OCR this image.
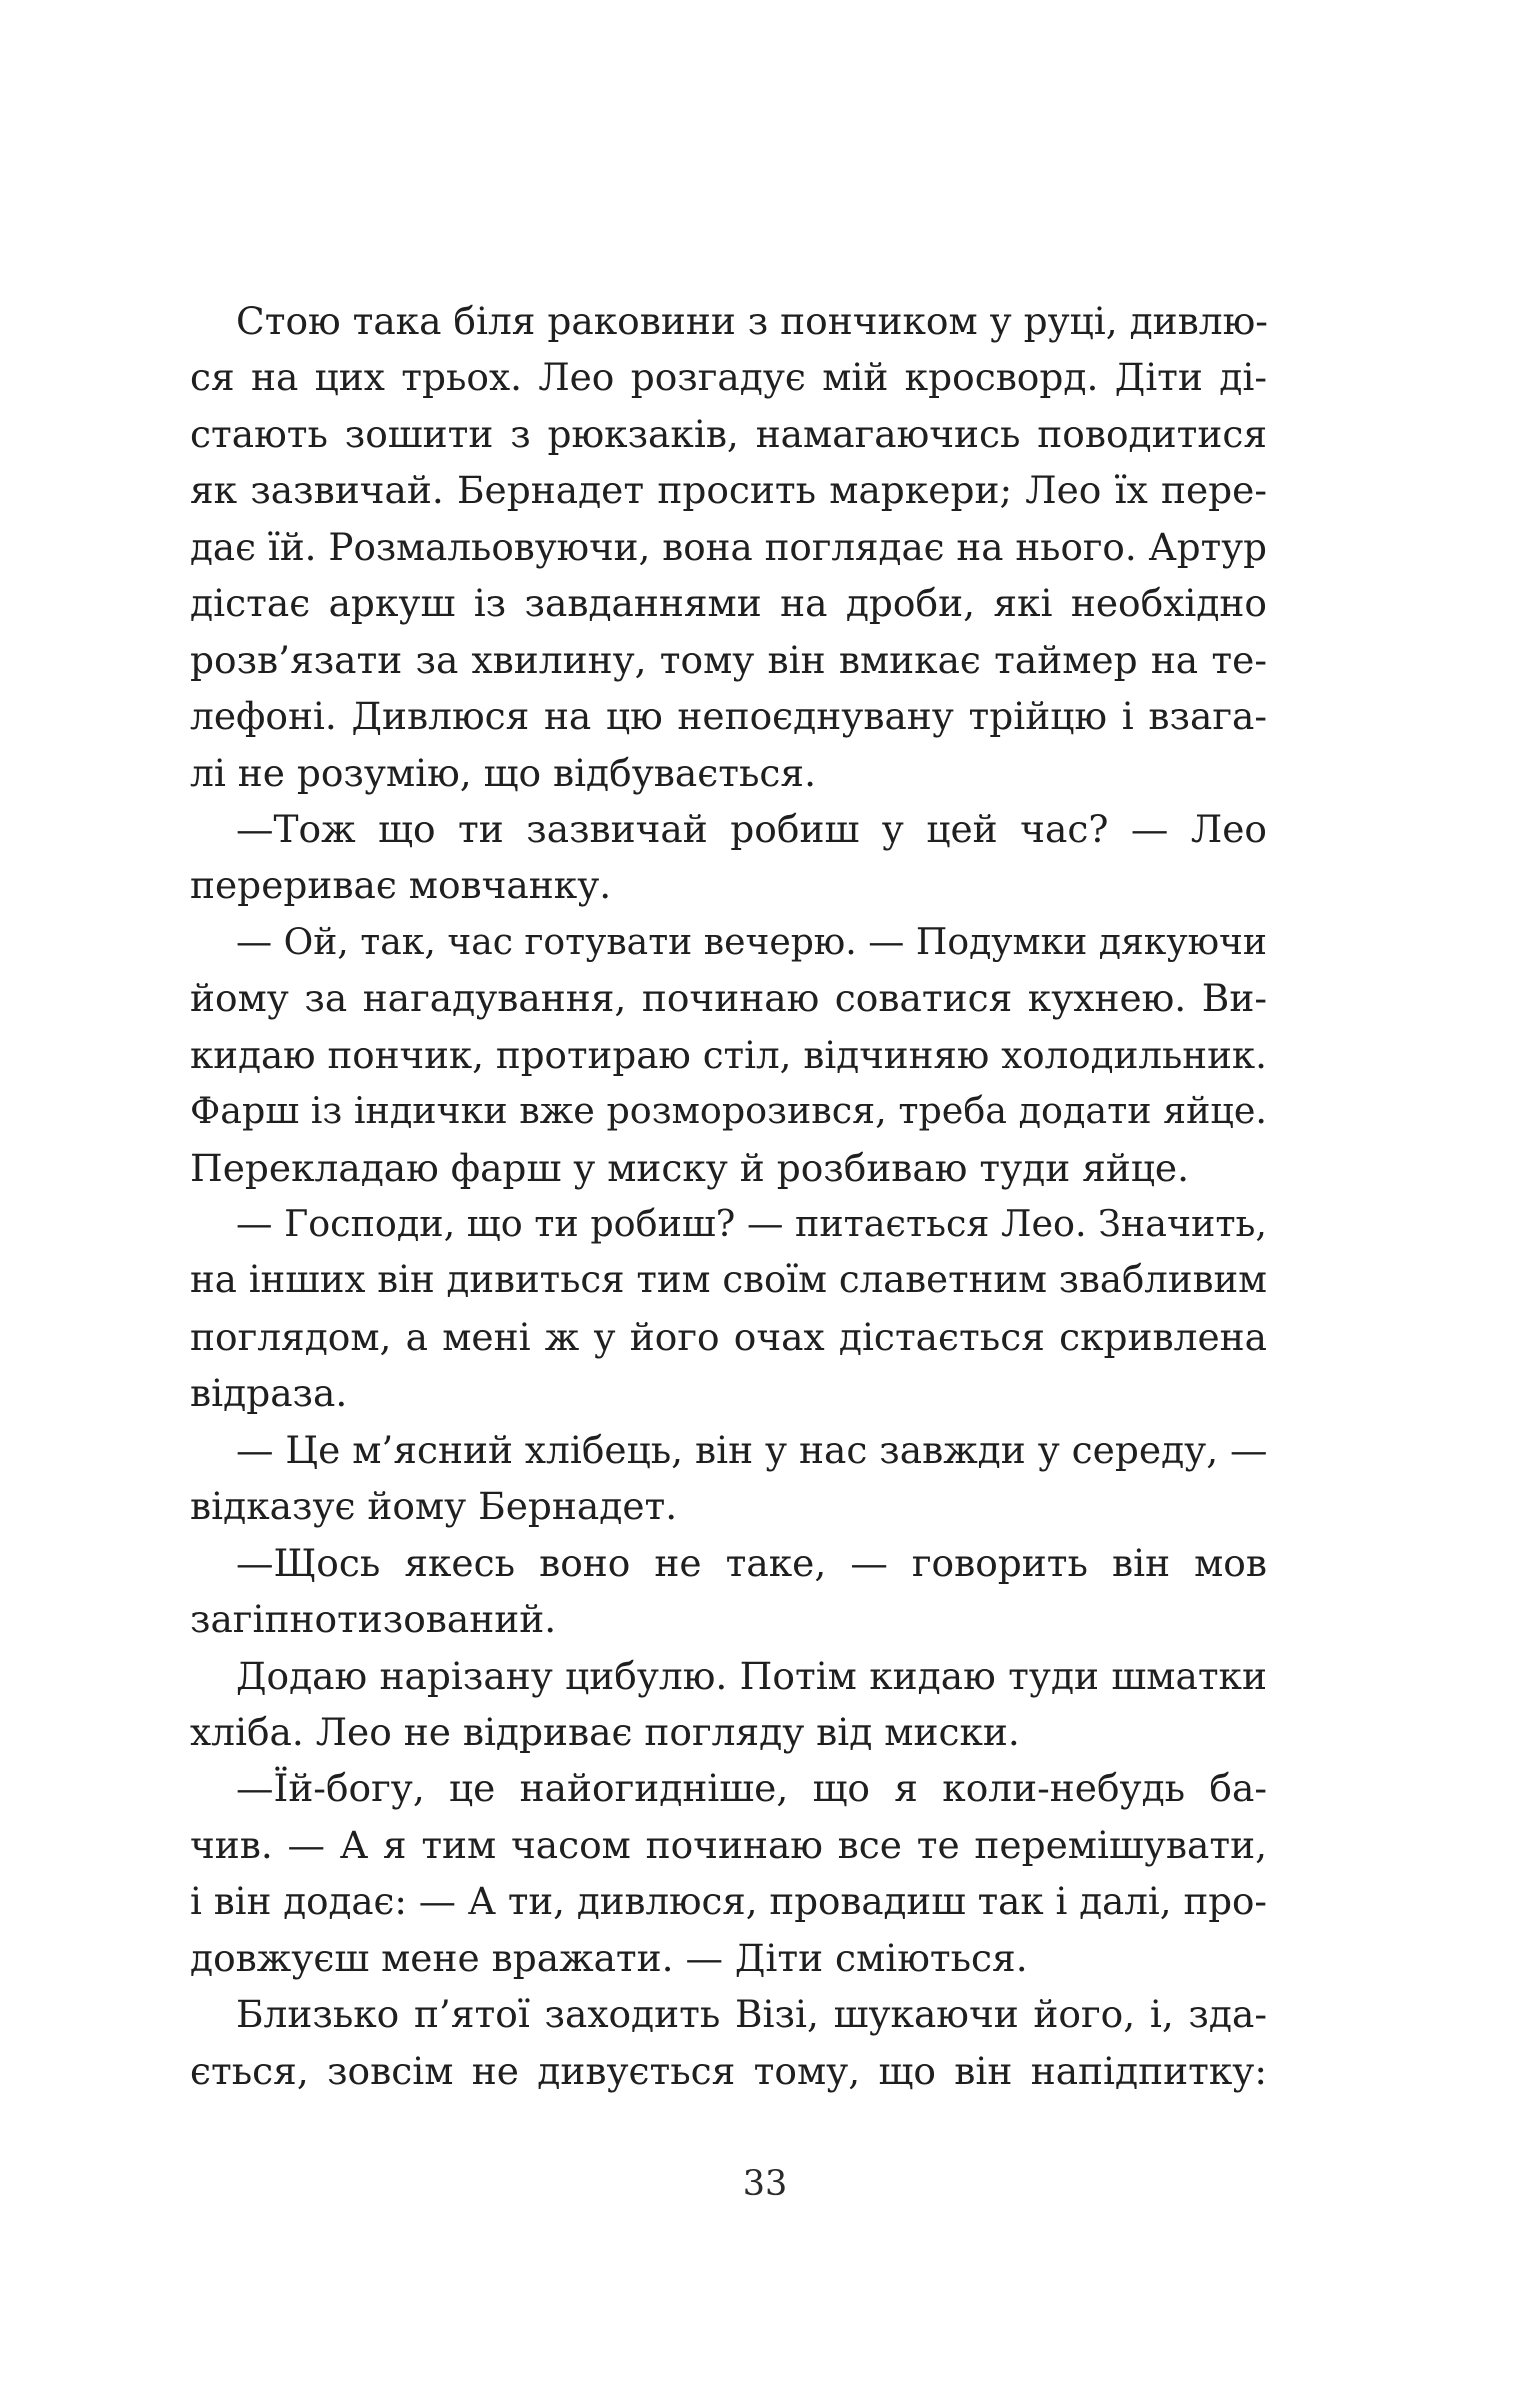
Стою така біля раковини з пончиком у руці, дивлю-
ся на цих трьох. Лео розгадує мій кросворд. Діти ді-
стають зошити з рюкзаків, намагаючись поводитися
як зазвичай. Бернадет просить маркери; Лео їх пере-
дає їй. Розмальовуючи, вона поглядає на нього. Артур
дістає аркуш із завданнями на дроби, які необхідно
розв’язати за хвилину, тому він вмикає таймер на те-
лефоні. Дивлюся на цю непоєднувану трійцю і взага-
лі не розумію, що відбувається.
—Тож що ти зазвичай робиш у цей час? — Лео
перериває мовчанку.
— Ой, так, час готувати вечерю. — Подумки дякуючи
йому за нагадування, починаю соватися кухнею. Ви-
кидаю пончик, протираю стіл, відчиняю холодильник.
Фарш із індички вже розморозився, треба додати яйце.
Перекладаю фарш у миску й розбиваю туди яйце.
— Господи, що ти робиш? — питається Лео. Значить,
на інших він дивиться тим своїм славетним звабливим
поглядом, а мені ж у його очах дістається скривлена
відраза.
— Це м’ясний хлібець, він у нас завжди у середу, —
відказує йому Бернадет.
—Щось якесь воно не таке, — говорить він мов
загіпнотизований.
Додаю нарізану цибулю. Потім кидаю туди шматки
хліба. Лео не відриває погляду від миски.
—Їй-богу, це найогидніше, що я коли-небудь ба-
чив. — А я тим часом починаю все те перемішувати,
і він додає: — А ти, дивлюся, провадиш так і далі, про-
довжуєш мене вражати. — Діти сміються.
Близько п’ятої заходить Візі, шукаючи його, і, зда-
ється, зовсім не дивується тому, що він напідпитку:
33
